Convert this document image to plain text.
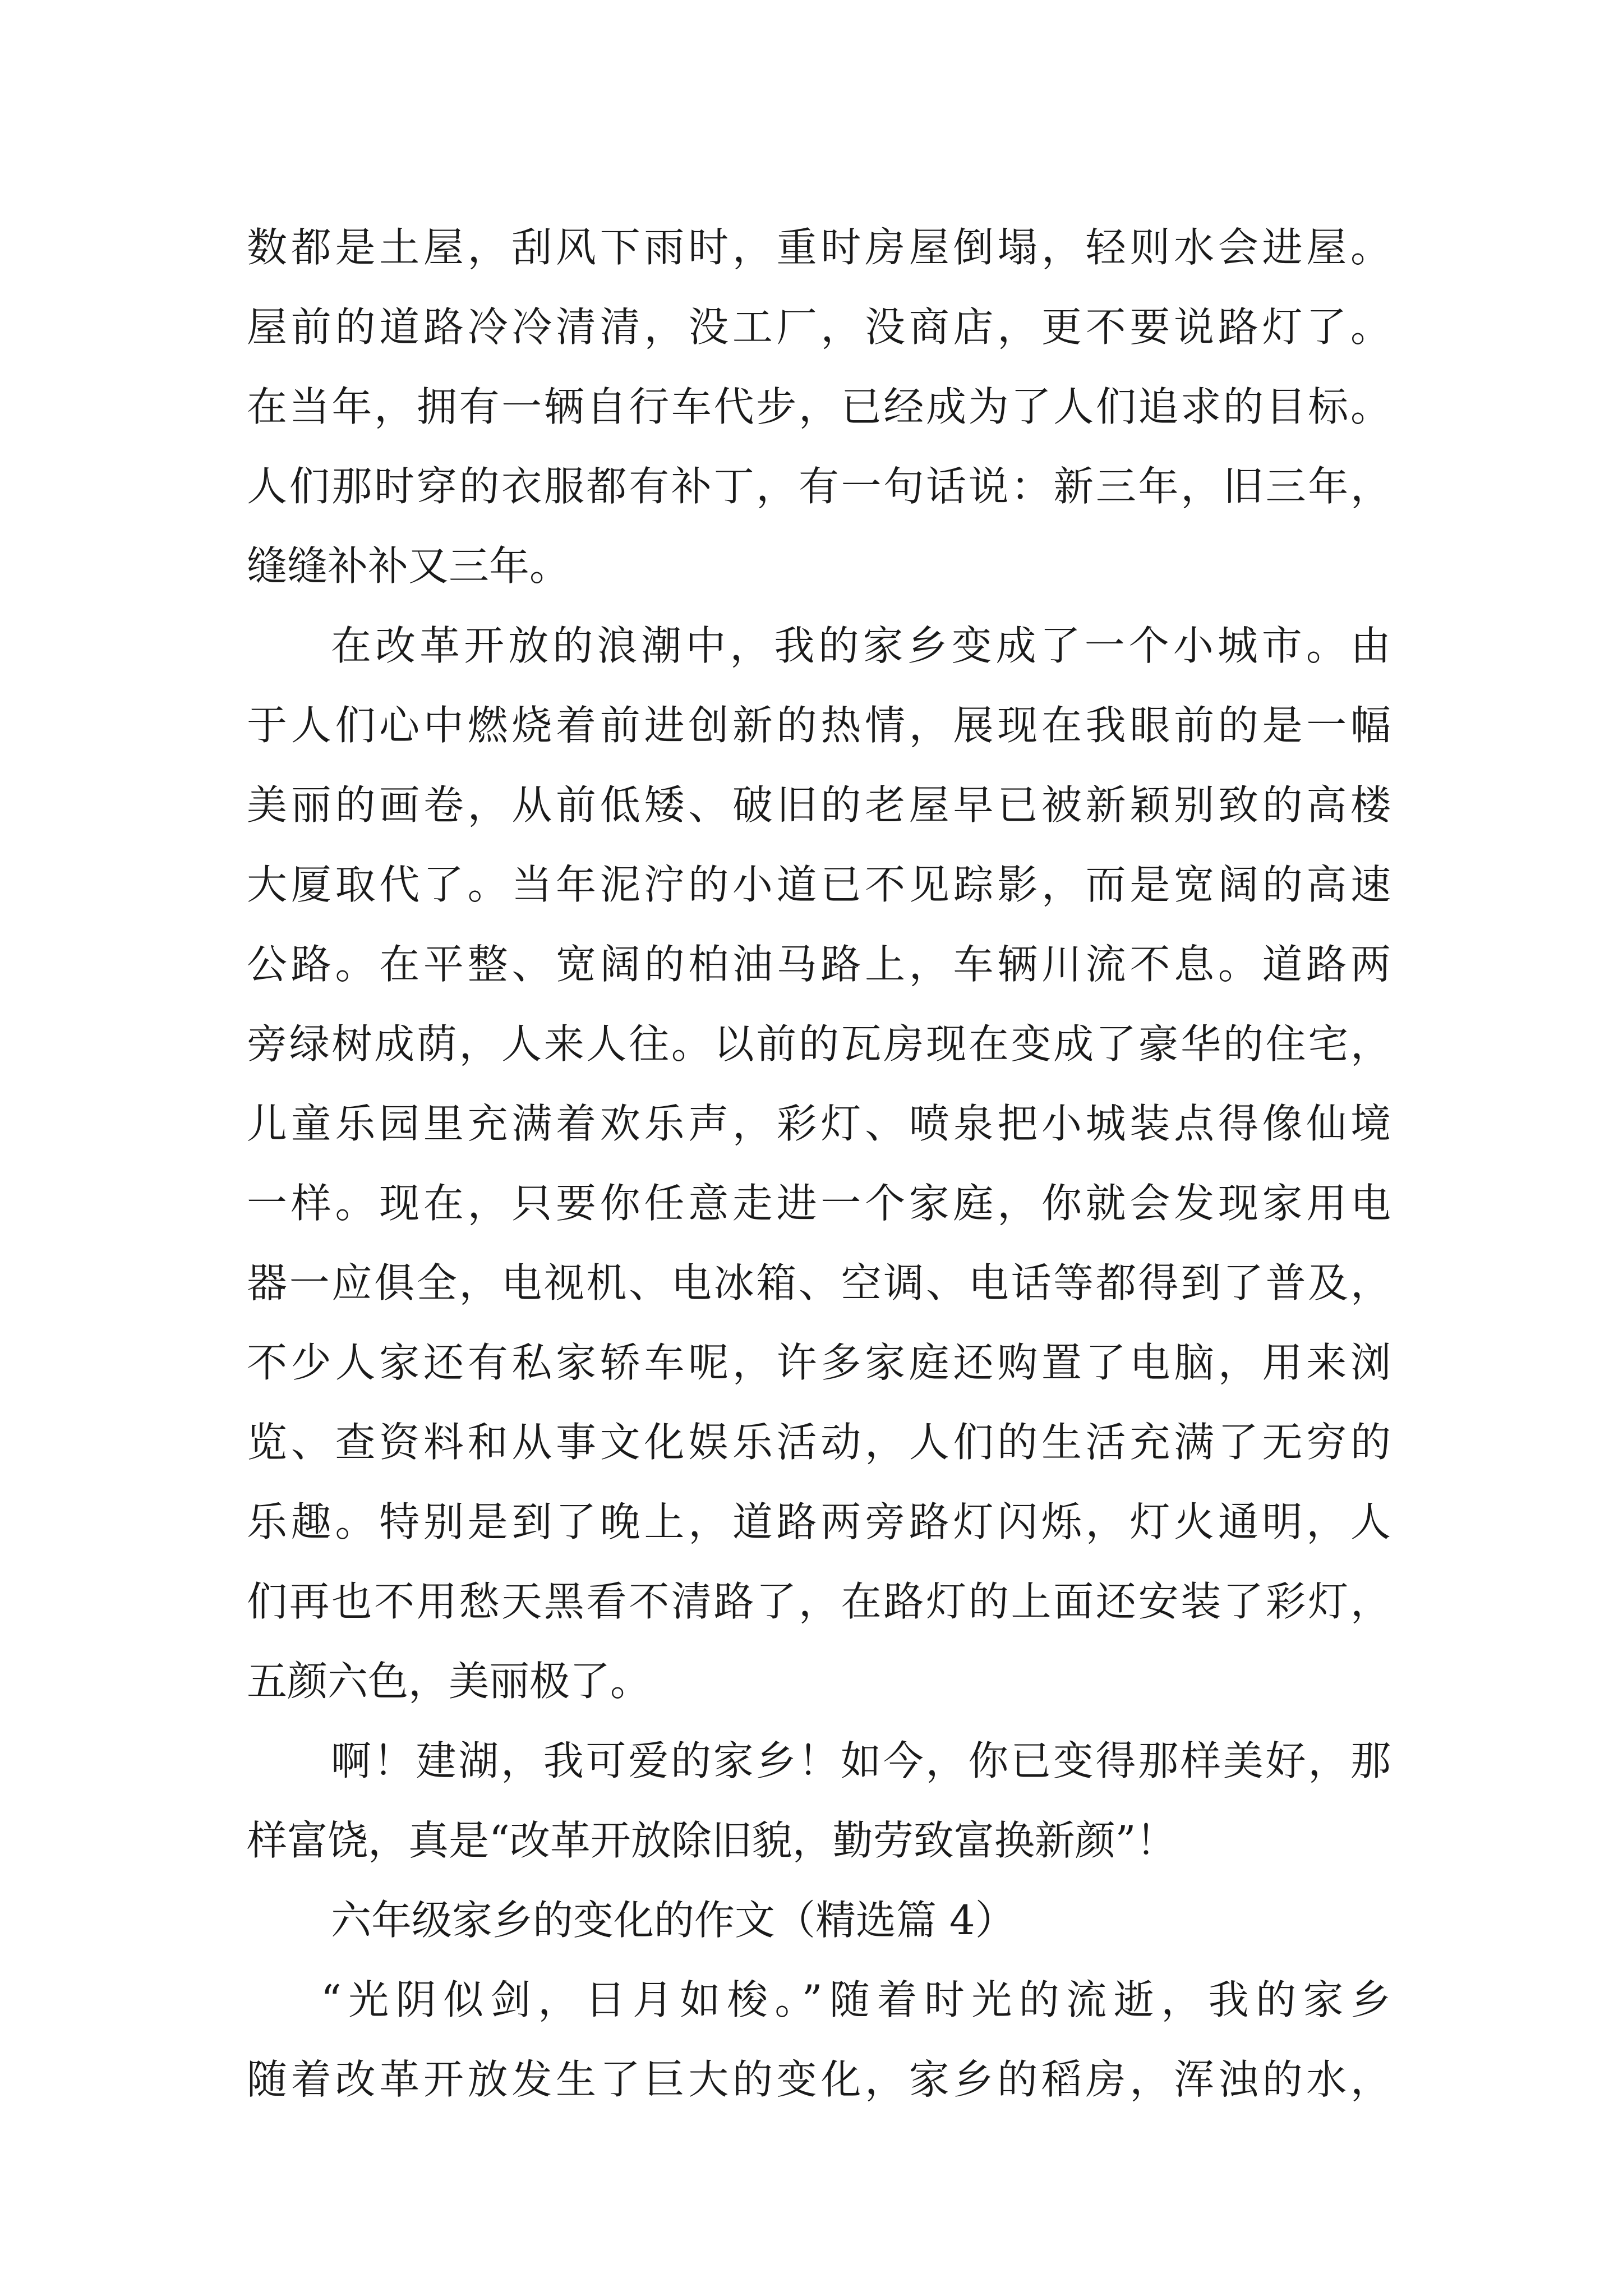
数都是土屋，刮风下雨时，重时房屋倒塌，轻则水会进屋。
屋前的道路冷冷清清，没工厂，没商店，更不要说路灯了。
在当年，拥有一辆自行车代步，已经成为了人们追求的目标。
人们那时穿的衣服都有补丁，有一句话说：新三年，旧三年，
缝缝补补又三年。
在改革开放的浪潮中，我的家乡变成了一个小城市。由
于人们心中燃烧着前进创新的热情，展现在我眼前的是一幅
美丽的画卷，从前低矮、破旧的老屋早已被新颖别致的高楼
大厦取代了。当年泥泞的小道已不见踪影，而是宽阔的高速
公路。在平整、宽阔的柏油马路上，车辆川流不息。道路两
旁绿树成荫，人来人往。以前的瓦房现在变成了豪华的住宅，
儿童乐园里充满着欢乐声，彩灯、喷泉把小城装点得像仙境
一样。现在，只要你任意走进一个家庭，你就会发现家用电
器一应俱全，电视机、电冰箱、空调、电话等都得到了普及，
不少人家还有私家轿车呢，许多家庭还购置了电脑，用来浏
览、查资料和从事文化娱乐活动，人们的生活充满了无穷的
乐趣。特别是到了晚上，道路两旁路灯闪烁，灯火通明，人
们再也不用愁天黑看不清路了，在路灯的上面还安装了彩灯，
五颜六色，美丽极了。
啊！建湖，我可爱的家乡！如今，你已变得那样美好，那
样富饶，真是“改革开放除旧貌，勤劳致富换新颜”！
六年级家乡的变化的作文（精选篇 4）
“光阴似剑，日月如梭。”随着时光的流逝，我的家乡
随着改革开放发生了巨大的变化，家乡的稻房，浑浊的水，
